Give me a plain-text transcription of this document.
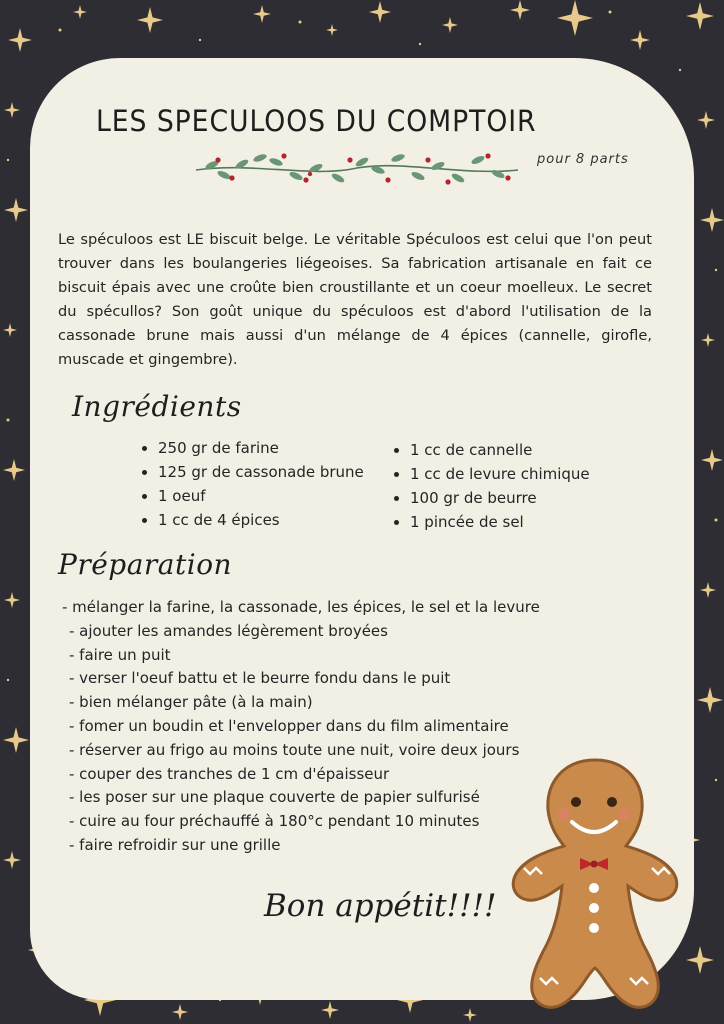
LES SPECULOOS DU COMPTOIR
pour 8 parts

Le spéculoos est LE biscuit belge. Le véritable Spéculoos est celui que l'on peut trouver dans les boulangeries liégeoises. Sa fabrication artisanale en fait ce biscuit épais avec une croûte bien croustillante et un coeur moelleux. Le secret du spécullos? Son goût unique du spéculoos est d'abord l'utilisation de la cassonade brune mais aussi d'un mélange de 4 épices (cannelle, girofle, muscade et gingembre).

Ingrédients
• 250 gr de farine
• 125 gr de cassonade brune
• 1 oeuf
• 1 cc de 4 épices
• 1 cc de cannelle
• 1 cc de levure chimique
• 100 gr de beurre
• 1 pincée de sel
Préparation
- mélanger la farine, la cassonade, les épices, le sel et la levure
- ajouter les amandes légèrement broyées
- faire un puit
- verser l'oeuf battu et le beurre fondu dans le puit
- bien mélanger pâte (à la main)
- fomer un boudin et l'envelopper dans du film alimentaire
- réserver au frigo au moins toute une nuit, voire deux jours
- couper des tranches de 1 cm d'épaisseur
- les poser sur une plaque couverte de papier sulfurisé
- cuire au four préchauffé à 180°c pendant 10 minutes
- faire refroidir sur une grille
Bon appétit!!!!
